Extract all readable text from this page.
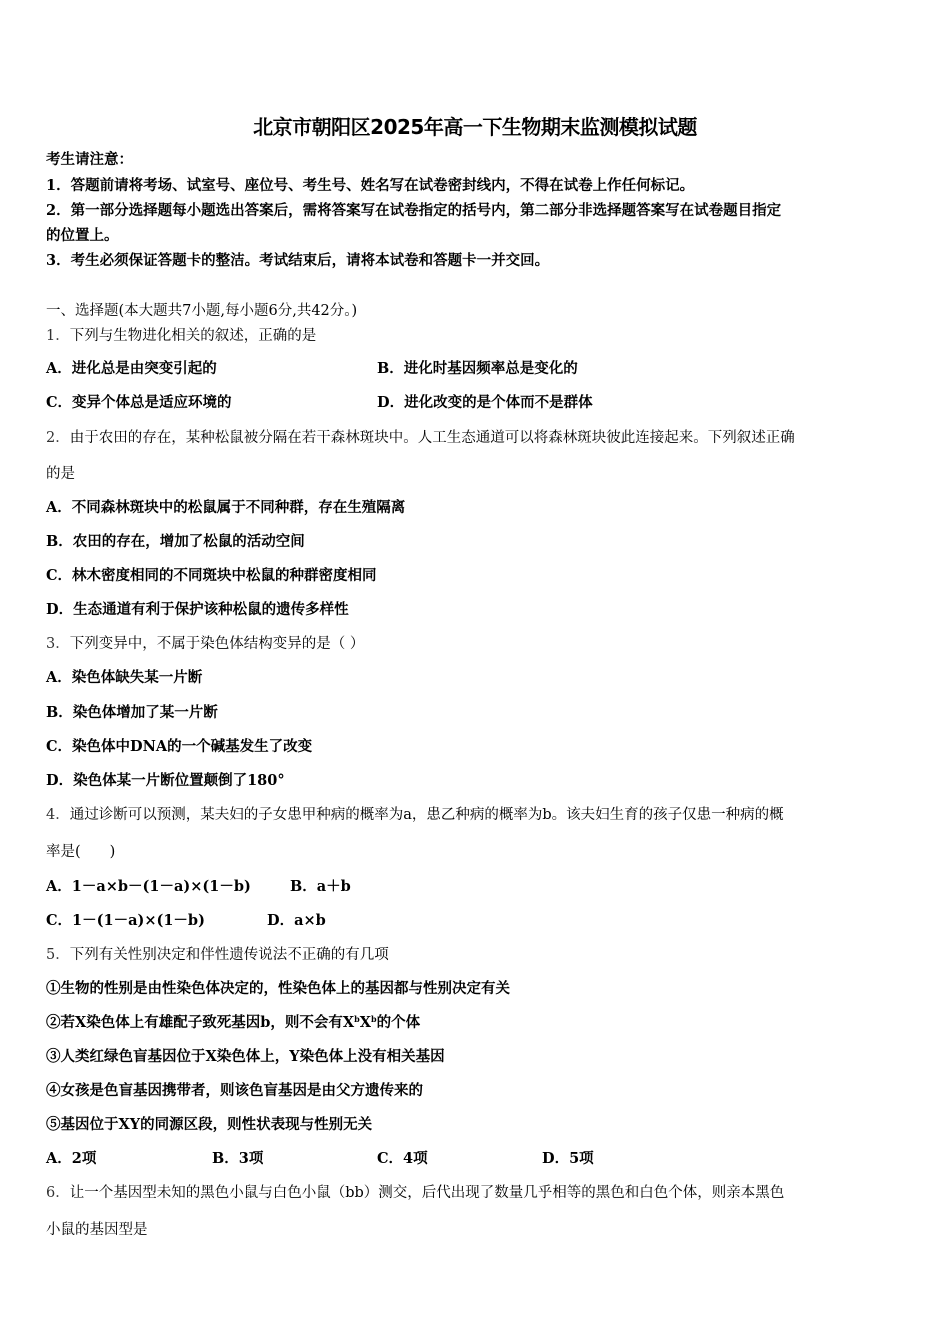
北京市朝阳区2025年高一下生物期末监测模拟试题
考生请注意：
1．答题前请将考场、试室号、座位号、考生号、姓名写在试卷密封线内，不得在试卷上作任何标记。
2．第一部分选择题每小题选出答案后，需将答案写在试卷指定的括号内，第二部分非选择题答案写在试卷题目指定
的位置上。
3．考生必须保证答题卡的整洁。考试结束后，请将本试卷和答题卡一并交回。
一、选择题(本大题共7小题,每小题6分,共42分。)
1．下列与生物进化相关的叙述，正确的是
A．进化总是由突变引起的	B．进化时基因频率总是变化的
C．变异个体总是适应环境的	D．进化改变的是个体而不是群体
2．由于农田的存在，某种松鼠被分隔在若干森林斑块中。人工生态通道可以将森林斑块彼此连接起来。下列叙述正确
的是
A．不同森林斑块中的松鼠属于不同种群，存在生殖隔离
B．农田的存在，增加了松鼠的活动空间
C．林木密度相同的不同斑块中松鼠的种群密度相同
D．生态通道有利于保护该种松鼠的遗传多样性
3．下列变异中，不属于染色体结构变异的是（ ）
A．染色体缺失某一片断
B．染色体增加了某一片断
C．染色体中DNA的一个碱基发生了改变
D．染色体某一片断位置颠倒了180°
4．通过诊断可以预测，某夫妇的子女患甲种病的概率为a，患乙种病的概率为b。该夫妇生育的孩子仅患一种病的概
率是(　　)
A．1－a×b－(1－a)×(1－b)	B．a＋b
C．1－(1－a)×(1－b)	D．a×b
5．下列有关性别决定和伴性遗传说法不正确的有几项
①生物的性别是由性染色体决定的，性染色体上的基因都与性别决定有关
②若X染色体上有雄配子致死基因b，则不会有$X^bX^b$的个体
③人类红绿色盲基因位于X染色体上，Y染色体上没有相关基因
④女孩是色盲基因携带者，则该色盲基因是由父方遗传来的
⑤基因位于XY的同源区段，则性状表现与性别无关
A．2项	B．3项	C．4项	D．5项
6．让一个基因型未知的黑色小鼠与白色小鼠（bb）测交，后代出现了数量几乎相等的黑色和白色个体，则亲本黑色
小鼠的基因型是
